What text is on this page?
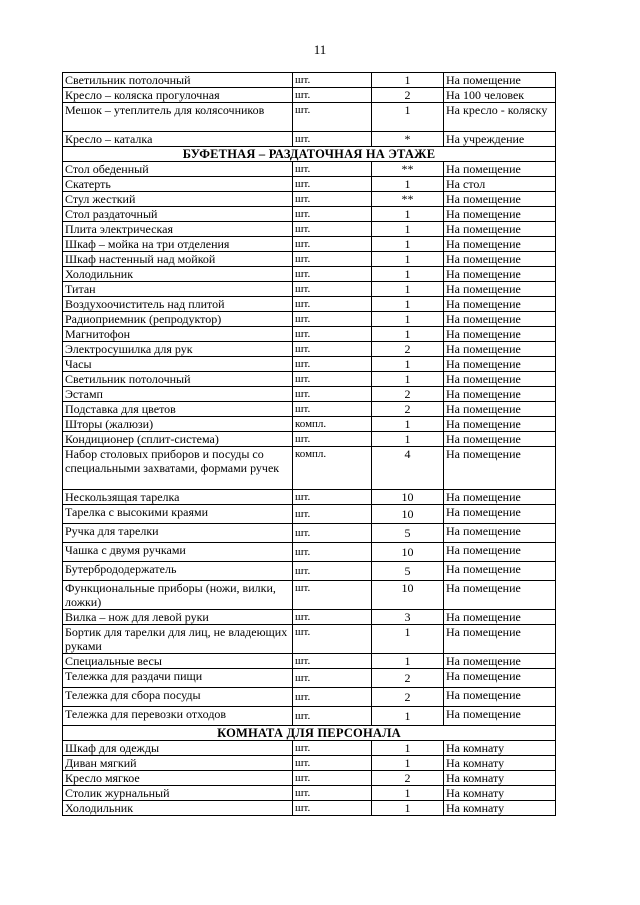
11
Светильник потолочный	шт.	1	На помещение
Кресло – коляска прогулочная	шт.	2	На 100 человек
Мешок – утеплитель для колясочников	шт.	1	На кресло - коляску
Кресло – каталка	шт.	*	На учреждение
БУФЕТНАЯ – РАЗДАТОЧНАЯ НА ЭТАЖЕ			
Стол обеденный	шт.	**	На помещение
Скатерть	шт.	1	На стол
Стул жесткий	шт.	**	На помещение
Стол раздаточный	шт.	1	На помещение
Плита электрическая	шт.	1	На помещение
Шкаф – мойка на три отделения	шт.	1	На помещение
Шкаф настенный над мойкой	шт.	1	На помещение
Холодильник	шт.	1	На помещение
Титан	шт.	1	На помещение
Воздухоочиститель над плитой	шт.	1	На помещение
Радиоприемник (репродуктор)	шт.	1	На помещение
Магнитофон	шт.	1	На помещение
Электросушилка для рук	шт.	2	На помещение
Часы	шт.	1	На помещение
Светильник потолочный	шт.	1	На помещение
Эстамп	шт.	2	На помещение
Подставка для цветов	шт.	2	На помещение
Шторы (жалюзи)	компл.	1	На помещение
Кондиционер (сплит-система)	шт.	1	На помещение
Набор столовых приборов и посуды со специальными захватами, формами ручек	компл.	4	На помещение
Нескользящая тарелка	шт.	10	На помещение
Тарелка с высокими краями	шт.	10	На помещение
Ручка для тарелки	шт.	5	На помещение
Чашка с двумя ручками	шт.	10	На помещение
Бутербрододержатель	шт.	5	На помещение
Функциональные приборы (ножи, вилки, ложки)	шт.	10	На помещение
Вилка – нож для левой руки	шт.	3	На помещение
Бортик для тарелки для лиц, не владеющих руками	шт.	1	На помещение
Специальные весы	шт.	1	На помещение
Тележка для раздачи пищи	шт.	2	На помещение
Тележка для сбора посуды	шт.	2	На помещение
Тележка для перевозки отходов	шт.	1	На помещение
КОМНАТА ДЛЯ ПЕРСОНАЛА			
Шкаф для одежды	шт.	1	На комнату
Диван мягкий	шт.	1	На комнату
Кресло мягкое	шт.	2	На комнату
Столик журнальный	шт.	1	На комнату
Холодильник	шт.	1	На комнату
